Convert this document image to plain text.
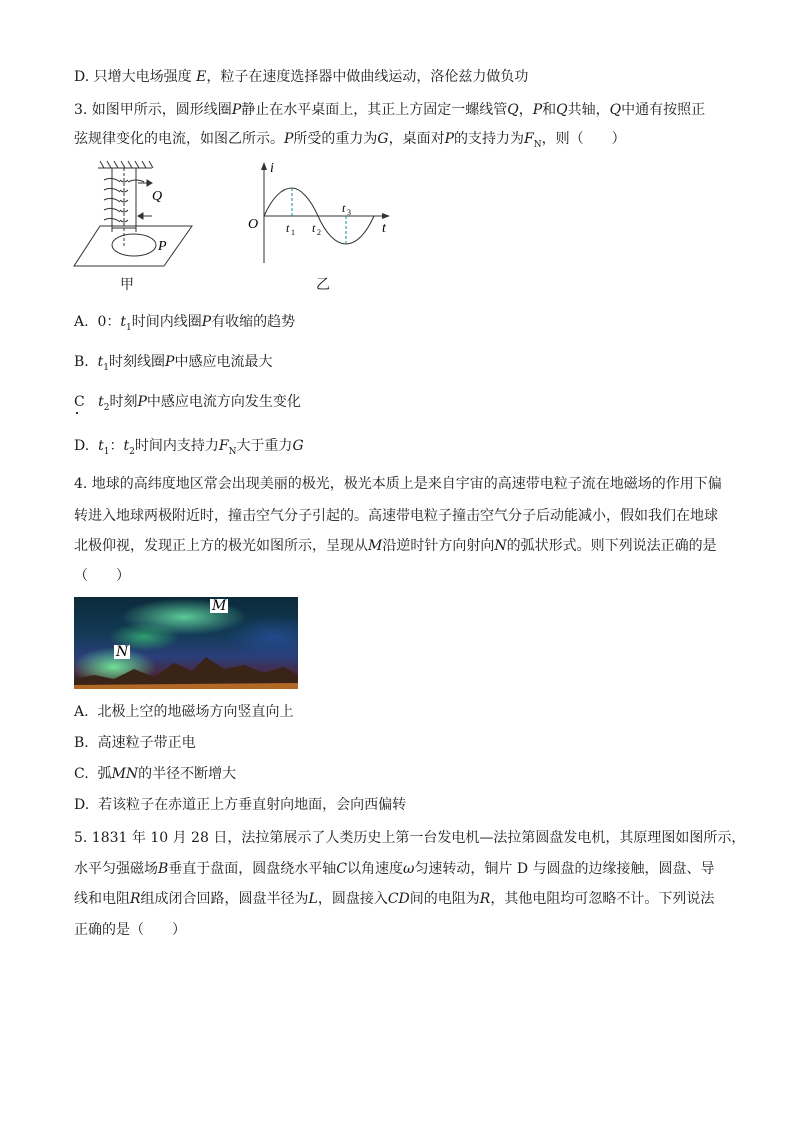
D. 只增大电场强度 E，粒子在速度选择器中做曲线运动，洛伦兹力做负功
3. 如图甲所示，圆形线圈P静止在水平桌面上，其正上方固定一螺线管Q，P和Q共轴，Q中通有按照正
弦规律变化的电流，如图乙所示。P所受的重力为G，桌面对P的支持力为$F_N$，则（　　）
Q
P
甲
O
i
t
t 1 t 2
t 3
乙
A. 0：$t_1$时间内线圈P有收缩的趋势
B. $t_1$时刻线圈P中感应电流最大
C $t_2$时刻P中感应电流方向发生变化
D. $t_1$：$t_2$时间内支持力$F_N$大于重力G
4. 地球的高纬度地区常会出现美丽的极光，极光本质上是来自宇宙的高速带电粒子流在地磁场的作用下偏
转进入地球两极附近时，撞击空气分子引起的。高速带电粒子撞击空气分子后动能减小，假如我们在地球
北极仰视，发现正上方的极光如图所示，呈现从M沿逆时针方向射向N的弧状形式。则下列说法正确的是
（　　）
M
N
A. 北极上空的地磁场方向竖直向上
B. 高速粒子带正电
C. 弧MN的半径不断增大
D. 若该粒子在赤道正上方垂直射向地面，会向西偏转
5. 1831 年 10 月 28 日，法拉第展示了人类历史上第一台发电机—法拉第圆盘发电机，其原理图如图所示，
水平匀强磁场B垂直于盘面，圆盘绕水平轴C以角速度ω匀速转动，铜片 D 与圆盘的边缘接触，圆盘、导
线和电阻R组成闭合回路，圆盘半径为L，圆盘接入CD间的电阻为R，其他电阻均可忽略不计。下列说法
正确的是（　　）
